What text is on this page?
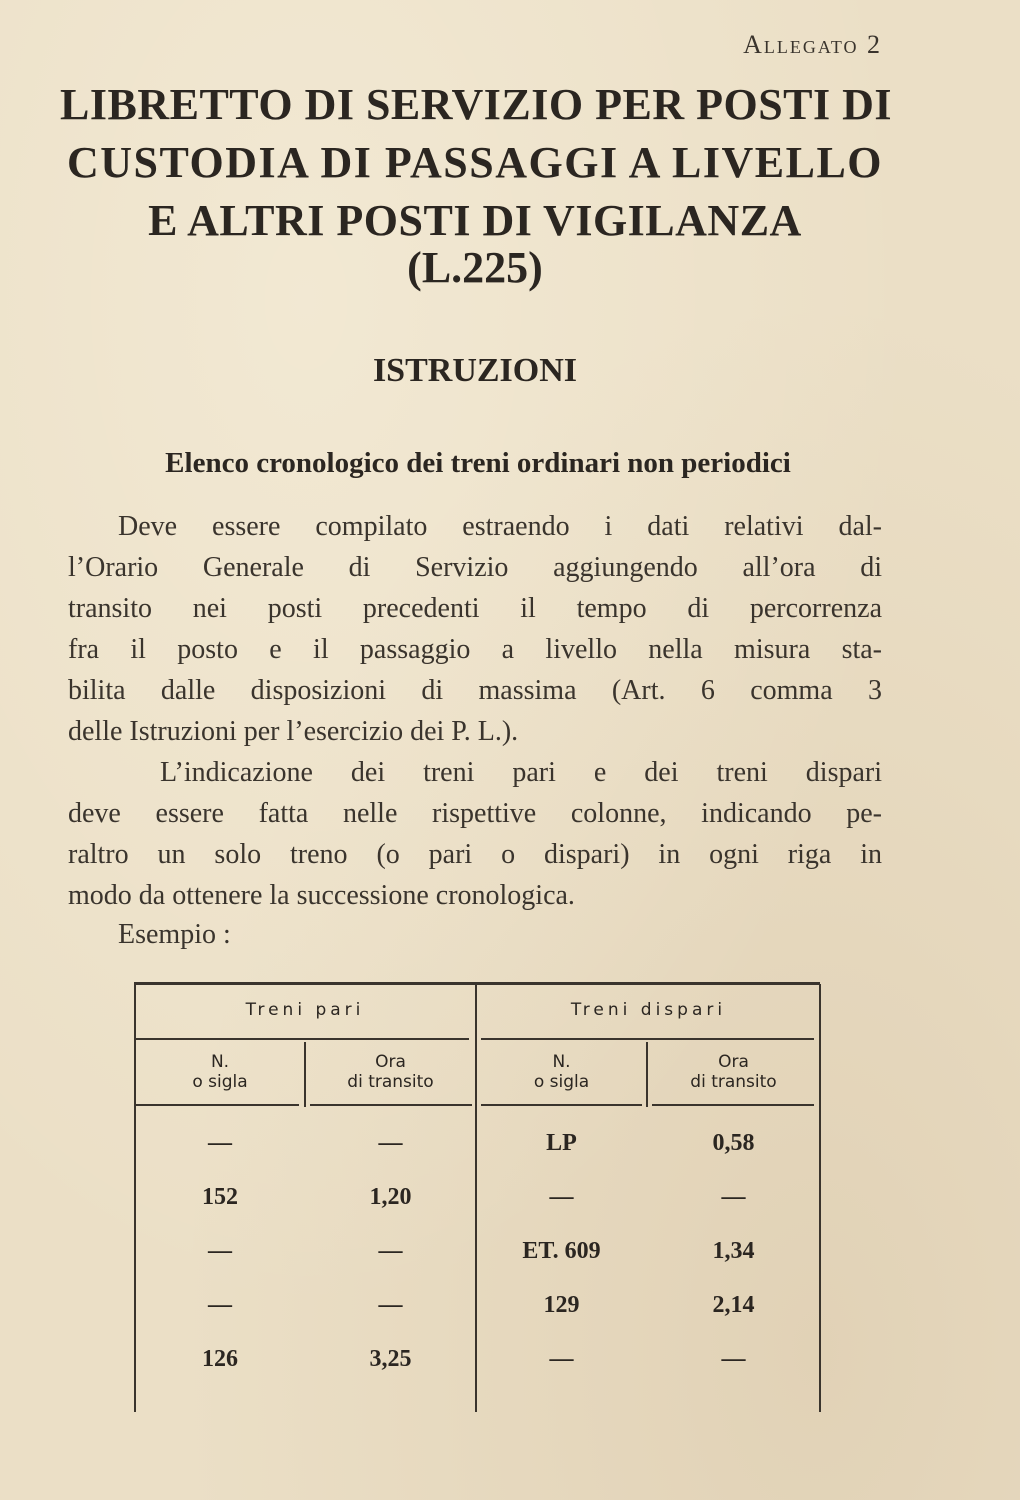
Allegato 2
LIBRETTO DI SERVIZIO PER POSTI DI
CUSTODIA DI PASSAGGI A LIVELLO
E ALTRI POSTI DI VIGILANZA
(L.225)
ISTRUZIONI
Elenco cronologico dei treni ordinari non periodici
Deve essere compilato estraendo i dati relativi dal-
l’Orario Generale di Servizio aggiungendo all’ora di
transito nei posti precedenti il tempo di percorrenza
fra il posto e il passaggio a livello nella misura sta-
bilita dalle disposizioni di massima (Art. 6 comma 3
delle Istruzioni per l’esercizio dei P. L.).
L’indicazione dei treni pari e dei treni dispari
deve essere fatta nelle rispettive colonne, indicando pe-
raltro un solo treno (o pari o dispari) in ogni riga in
modo da ottenere la successione cronologica.
Esempio :
Treni pari	Treni dispari
N.
o sigla
Ora
di transito
N.
o sigla
Ora
di transito
—	—	LP	0,58
152	1,20	—	—
—	—	ET. 609	1,34
—	—	129	2,14
126	3,25	—	—
